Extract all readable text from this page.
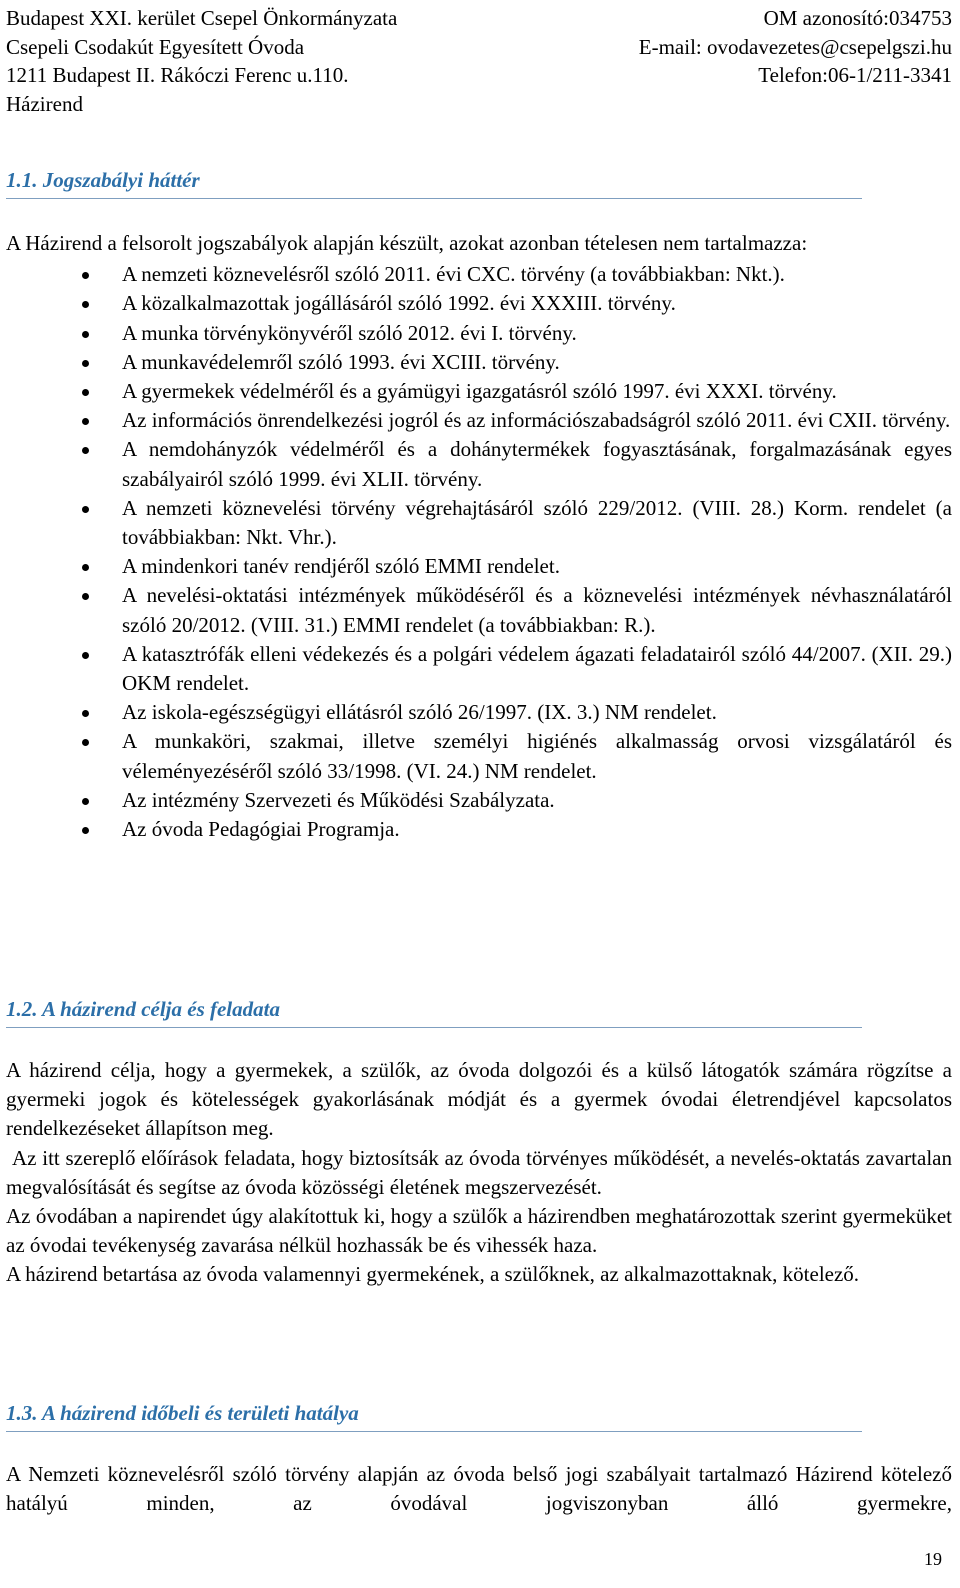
Budapest XXI. kerület Csepel Önkormányzata	OM azonosító:034753
Csepeli Csodakút Egyesített Óvoda	E-mail: ovodavezetes@csepelgszi.hu
1211 Budapest II. Rákóczi Ferenc u.110.	Telefon:06-1/211-3341
Házirend
1.1. Jogszabályi háttér

A Házirend a felsorolt jogszabályok alapján készült, azokat azonban tételesen nem tartalmazza:

A nemzeti köznevelésről szóló 2011. évi CXC. törvény (a továbbiakban: Nkt.).
A közalkalmazottak jogállásáról szóló 1992. évi XXXIII. törvény.
A munka törvénykönyvéről szóló 2012. évi I. törvény.
A munkavédelemről szóló 1993. évi XCIII. törvény.
A gyermekek védelméről és a gyámügyi igazgatásról szóló 1997. évi XXXI. törvény.
Az információs önrendelkezési jogról és az információszabadságról szóló 2011. évi CXII. törvény.
A nemdohányzók védelméről és a dohánytermékek fogyasztásának, forgalmazásának egyes szabályairól szóló 1999. évi XLII. törvény.
A nemzeti köznevelési törvény végrehajtásáról szóló 229/2012. (VIII. 28.) Korm. rendelet (a továbbiakban: Nkt. Vhr.).
A mindenkori tanév rendjéről szóló EMMI rendelet.
A nevelési-oktatási intézmények működéséről és a köznevelési intézmények névhasználatáról szóló 20/2012. (VIII. 31.) EMMI rendelet (a továbbiakban: R.).
A katasztrófák elleni védekezés és a polgári védelem ágazati feladatairól szóló 44/2007. (XII. 29.) OKM rendelet.
Az iskola-egészségügyi ellátásról szóló 26/1997. (IX. 3.) NM rendelet.
A munkaköri, szakmai, illetve személyi higiénés alkalmasság orvosi vizsgálatáról és véleményezéséről szóló 33/1998. (VI. 24.) NM rendelet.
Az intézmény Szervezeti és Működési Szabályzata.
Az óvoda Pedagógiai Programja.
1.2. A házirend célja és feladata

A házirend célja, hogy a gyermekek, a szülők, az óvoda dolgozói és a külső látogatók számára rögzítse a gyermeki jogok és kötelességek gyakorlásának módját és a gyermek óvodai életrendjével kapcsolatos rendelkezéseket állapítson meg.

Az itt szereplő előírások feladata, hogy biztosítsák az óvoda törvényes működését, a nevelés-oktatás zavartalan megvalósítását és segítse az óvoda közösségi életének megszervezését.

Az óvodában a napirendet úgy alakítottuk ki, hogy a szülők a házirendben meghatározottak szerint gyermeküket az óvodai tevékenység zavarása nélkül hozhassák be és vihessék haza.

A házirend betartása az óvoda valamennyi gyermekének, a szülőknek, az alkalmazottaknak, kötelező.

1.3. A házirend időbeli és területi hatálya

A Nemzeti köznevelésről szóló törvény alapján az óvoda belső jogi szabályait tartalmazó Házirend kötelező hatályú minden, az óvodával jogviszonyban álló gyermekre,

19
